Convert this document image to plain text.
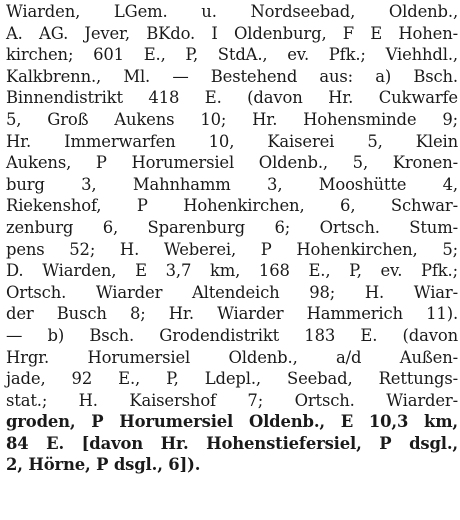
Wiarden, LGem. u. Nordseebad, Oldenb.,
A. AG. Jever, BKdo. I Oldenburg, F E Hohen-
kirchen; 601 E., P, StdA., ev. Pfk.; Viehhdl.,
Kalkbrenn., Ml. — Bestehend aus: a) Bsch.
Binnendistrikt 418 E. (davon Hr. Cukwarfe
5, Groß Aukens 10; Hr. Hohensminde 9;
Hr. Immerwarfen 10, Kaiserei 5, Klein
Aukens, P Horumersiel Oldenb., 5, Kronen-
burg 3, Mahnhamm 3, Mooshütte 4,
Riekenshof, P Hohenkirchen, 6, Schwar-
zenburg 6, Sparenburg 6; Ortsch. Stum-
pens 52; H. Weberei, P Hohenkirchen, 5;
D. Wiarden, E 3,7 km, 168 E., P, ev. Pfk.;
Ortsch. Wiarder Altendeich 98; H. Wiar-
der Busch 8; Hr. Wiarder Hammerich 11).
— b) Bsch. Grodendistrikt 183 E. (davon
Hrgr. Horumersiel Oldenb., a/d Außen-
jade, 92 E., P, Ldepl., Seebad, Rettungs-
stat.; H. Kaisershof 7; Ortsch. Wiarder-
groden, P Horumersiel Oldenb., E 10,3 km,
84 E. [davon Hr. Hohenstiefersiel, P dsgl.,
2, Hörne, P dsgl., 6]).
